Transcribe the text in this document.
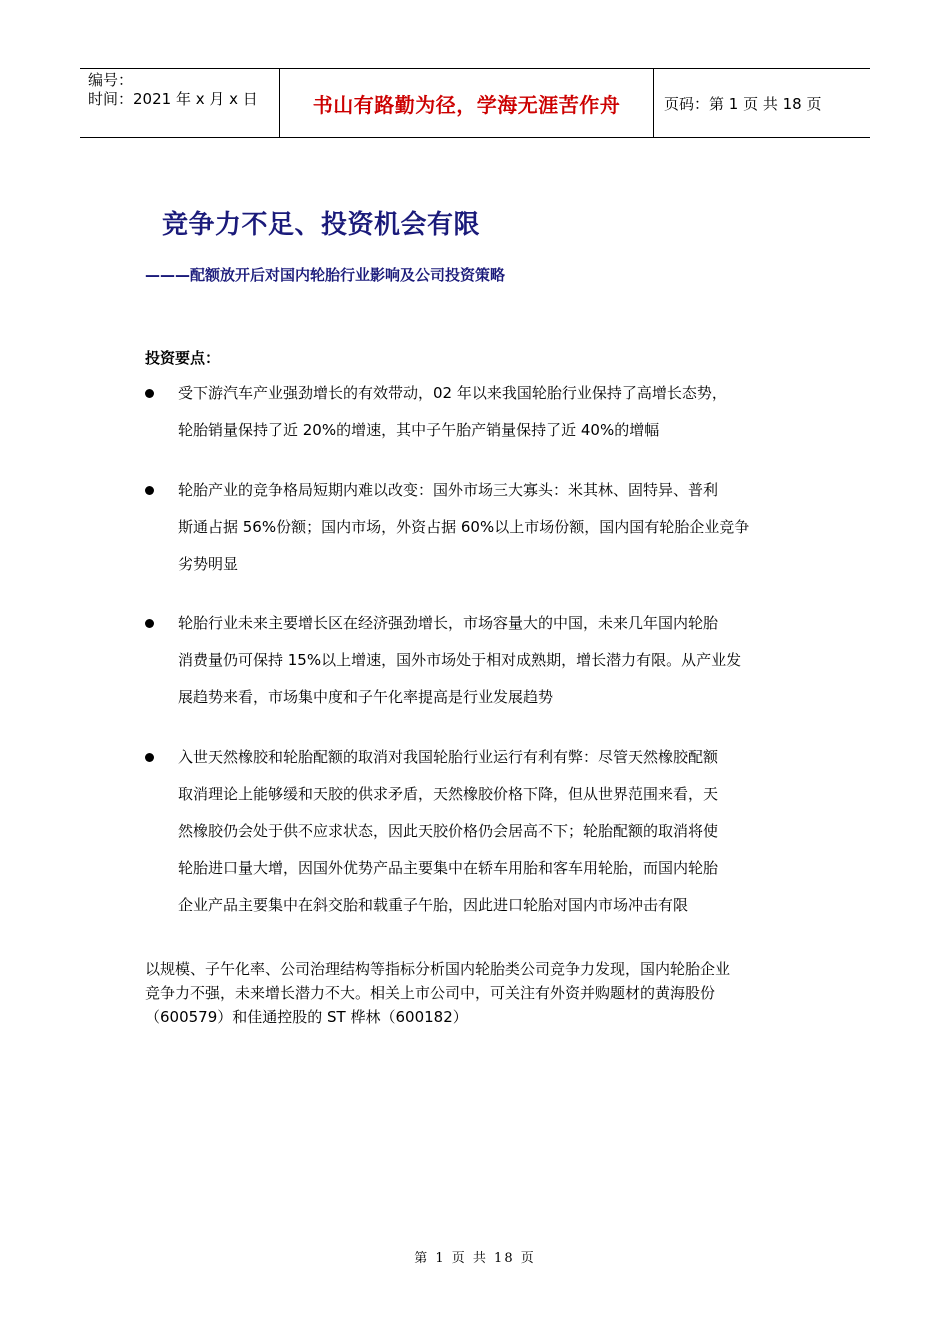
编号：
时间：2021 年 x 月 x 日	书山有路勤为径，学海无涯苦作舟	页码：第 1 页 共 18 页
竞争力不足、投资机会有限
———配额放开后对国内轮胎行业影响及公司投资策略
投资要点：
受下游汽车产业强劲增长的有效带动，02 年以来我国轮胎行业保持了高增长态势，
轮胎销量保持了近 20%的增速，其中子午胎产销量保持了近 40%的增幅
轮胎产业的竞争格局短期内难以改变：国外市场三大寡头：米其林、固特异、普利
斯通占据 56%份额；国内市场，外资占据 60%以上市场份额，国内国有轮胎企业竞争
劣势明显
轮胎行业未来主要增长区在经济强劲增长，市场容量大的中国，未来几年国内轮胎
消费量仍可保持 15%以上增速，国外市场处于相对成熟期，增长潜力有限。从产业发
展趋势来看，市场集中度和子午化率提高是行业发展趋势
入世天然橡胶和轮胎配额的取消对我国轮胎行业运行有利有弊：尽管天然橡胶配额
取消理论上能够缓和天胶的供求矛盾，天然橡胶价格下降，但从世界范围来看，天
然橡胶仍会处于供不应求状态，因此天胶价格仍会居高不下；轮胎配额的取消将使
轮胎进口量大增，因国外优势产品主要集中在轿车用胎和客车用轮胎，而国内轮胎
企业产品主要集中在斜交胎和载重子午胎，因此进口轮胎对国内市场冲击有限
以规模、子午化率、公司治理结构等指标分析国内轮胎类公司竞争力发现，国内轮胎企业
竞争力不强，未来增长潜力不大。相关上市公司中，可关注有外资并购题材的黄海股份
（600579）和佳通控股的 ST 桦林（600182）
第 1 页 共 18 页
